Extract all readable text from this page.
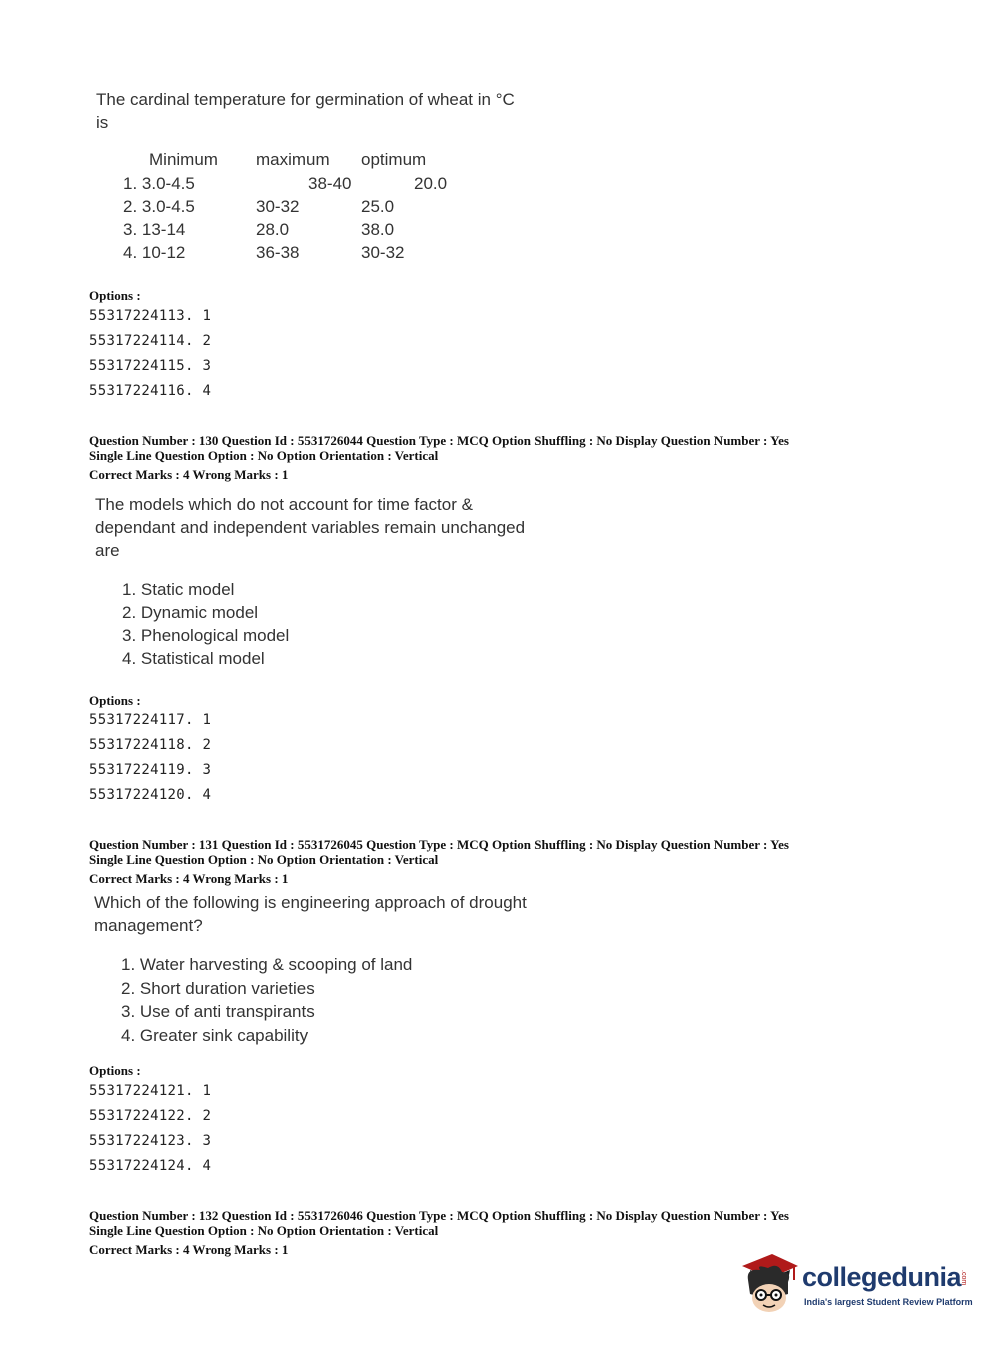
The cardinal temperature for germination of wheat in °C
is
Minimum maximum optimum
1. 3.0-4.5	38-40	20.0
2. 3.0-4.5	30-32	25.0
3. 13-14	28.0	38.0
4. 10-12	36-38	30-32
Options :
55317224113. 1
55317224114. 2
55317224115. 3
55317224116. 4
Question Number : 130 Question Id : 5531726044 Question Type : MCQ Option Shuffling : No Display Question Number : Yes
Single Line Question Option : No Option Orientation : Vertical
Correct Marks : 4 Wrong Marks : 1
The models which do not account for time factor &
dependant and independent variables remain unchanged
are
1. Static model
2. Dynamic model
3. Phenological model
4. Statistical model
Options :
55317224117. 1
55317224118. 2
55317224119. 3
55317224120. 4
Question Number : 131 Question Id : 5531726045 Question Type : MCQ Option Shuffling : No Display Question Number : Yes
Single Line Question Option : No Option Orientation : Vertical
Correct Marks : 4 Wrong Marks : 1
Which of the following is engineering approach of drought
management?
1. Water harvesting & scooping of land
2. Short duration varieties
3. Use of anti transpirants
4. Greater sink capability
Options :
55317224121. 1
55317224122. 2
55317224123. 3
55317224124. 4
Question Number : 132 Question Id : 5531726046 Question Type : MCQ Option Shuffling : No Display Question Number : Yes
Single Line Question Option : No Option Orientation : Vertical
Correct Marks : 4 Wrong Marks : 1
collegedunia
.com
India's largest Student Review Platform
